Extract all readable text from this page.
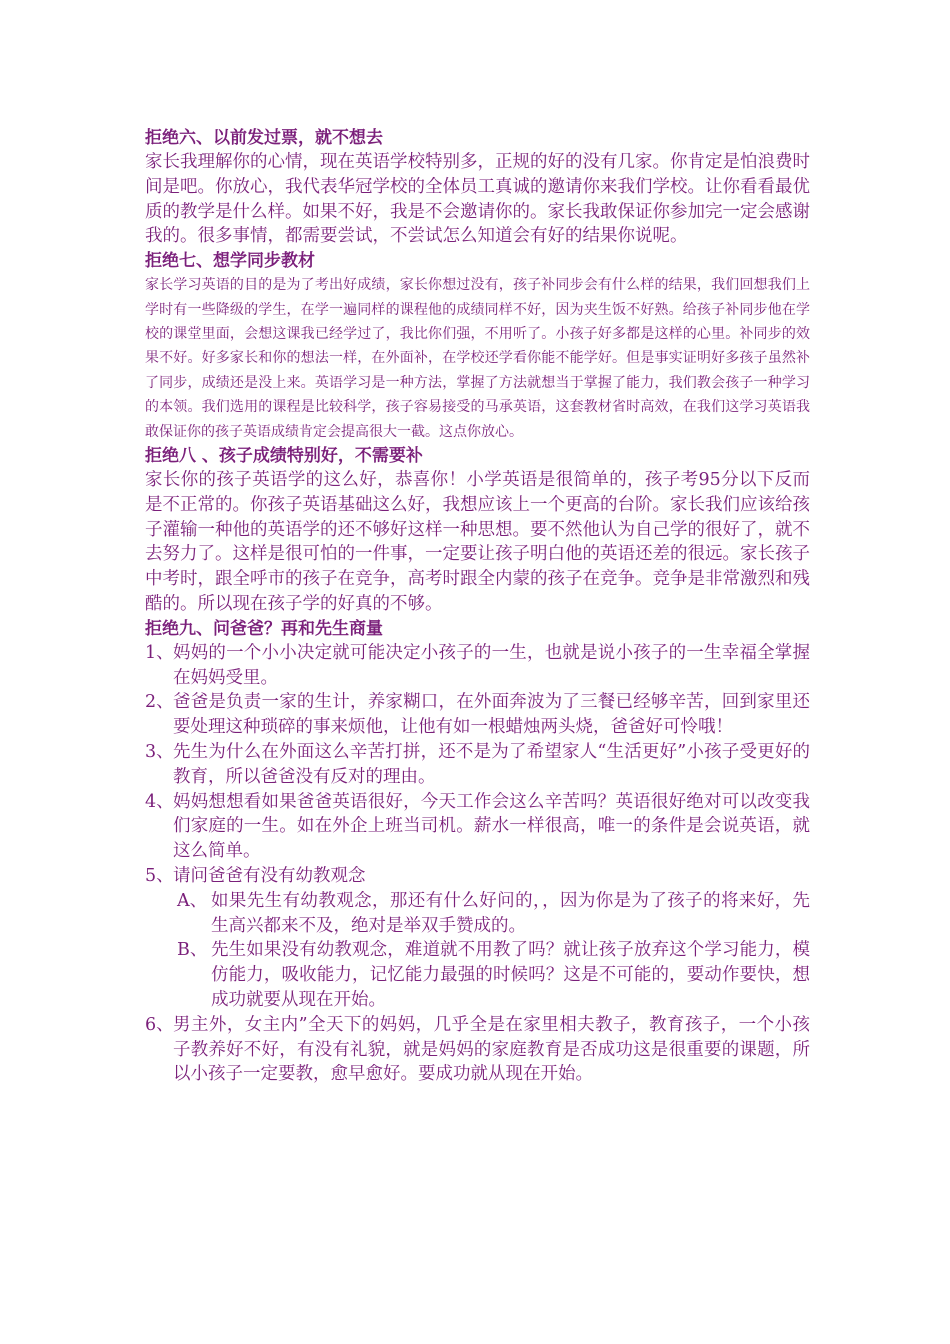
拒绝六、以前发过票，就不想去

家长我理解你的心情，现在英语学校特别多，正规的好的没有几家。你肯定是怕浪费时间是吧。你放心，我代表华冠学校的全体员工真诚的邀请你来我们学校。让你看看最优质的教学是什么样。如果不好，我是不会邀请你的。家长我敢保证你参加完一定会感谢我的。很多事情，都需要尝试，不尝试怎么知道会有好的结果你说呢。

拒绝七、想学同步教材

家长学习英语的目的是为了考出好成绩，家长你想过没有，孩子补同步会有什么样的结果，我们回想我们上学时有一些降级的学生，在学一遍同样的课程他的成绩同样不好，因为夹生饭不好熟。给孩子补同步他在学校的课堂里面，会想这课我已经学过了，我比你们强，不用听了。小孩子好多都是这样的心里。补同步的效果不好。好多家长和你的想法一样，在外面补，在学校还学看你能不能学好。但是事实证明好多孩子虽然补了同步，成绩还是没上来。英语学习是一种方法，掌握了方法就想当于掌握了能力，我们教会孩子一种学习的本领。我们选用的课程是比较科学，孩子容易接受的马承英语，这套教材省时高效，在我们这学习英语我敢保证你的孩子英语成绩肯定会提高很大一截。这点你放心。

拒绝八 、孩子成绩特别好，不需要补

家长你的孩子英语学的这么好，恭喜你！小学英语是很简单的，孩子考95分以下反而是不正常的。你孩子英语基础这么好，我想应该上一个更高的台阶。家长我们应该给孩子灌输一种他的英语学的还不够好这样一种思想。要不然他认为自己学的很好了，就不去努力了。这样是很可怕的一件事，一定要让孩子明白他的英语还差的很远。家长孩子中考时，跟全呼市的孩子在竞争，高考时跟全内蒙的孩子在竞争。竞争是非常激烈和残酷的。所以现在孩子学的好真的不够。

拒绝九、问爸爸？再和先生商量
1、 妈妈的一个小小决定就可能决定小孩子的一生，也就是说小孩子的一生幸福全掌握在妈妈受里。
2、 爸爸是负责一家的生计，养家糊口，在外面奔波为了三餐已经够辛苦，回到家里还要处理这种琐碎的事来烦他，让他有如一根蜡烛两头烧，爸爸好可怜哦！
3、 先生为什么在外面这么辛苦打拼，还不是为了希望家人“生活更好”小孩子受更好的教育，所以爸爸没有反对的理由。
4、 妈妈想想看如果爸爸英语很好，今天工作会这么辛苦吗？英语很好绝对可以改变我们家庭的一生。如在外企上班当司机。薪水一样很高，唯一的条件是会说英语，就这么简单。
5、 请问爸爸有没有幼教观念
A、 如果先生有幼教观念，那还有什么好问的，，因为你是为了孩子的将来好，先生高兴都来不及，绝对是举双手赞成的。
B、 先生如果没有幼教观念，难道就不用教了吗？就让孩子放弃这个学习能力，模仿能力，吸收能力，记忆能力最强的时候吗？这是不可能的，要动作要快，想成功就要从现在开始。
6、 男主外，女主内”全天下的妈妈，几乎全是在家里相夫教子，教育孩子，一个小孩子教养好不好，有没有礼貌，就是妈妈的家庭教育是否成功这是很重要的课题，所以小孩子一定要教，愈早愈好。要成功就从现在开始。
